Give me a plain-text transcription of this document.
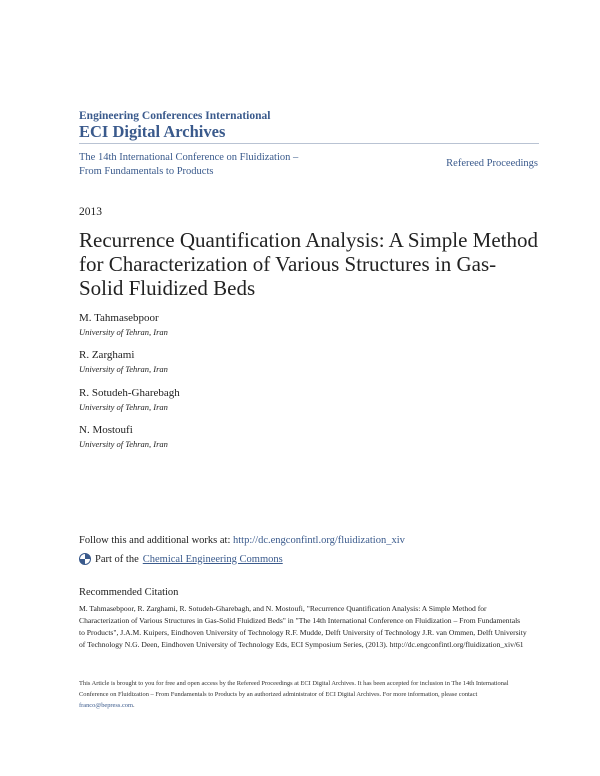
Engineering Conferences International
ECI Digital Archives
The 14th International Conference on Fluidization – From Fundamentals to Products
Refereed Proceedings
2013
Recurrence Quantification Analysis: A Simple Method for Characterization of Various Structures in Gas-Solid Fluidized Beds
M. Tahmasebpoor
University of Tehran, Iran
R. Zarghami
University of Tehran, Iran
R. Sotudeh-Gharebagh
University of Tehran, Iran
N. Mostoufi
University of Tehran, Iran
Follow this and additional works at: http://dc.engconfintl.org/fluidization_xiv
Part of the Chemical Engineering Commons
Recommended Citation
M. Tahmasebpoor, R. Zarghami, R. Sotudeh-Gharebagh, and N. Mostoufi, "Recurrence Quantification Analysis: A Simple Method for Characterization of Various Structures in Gas-Solid Fluidized Beds" in "The 14th International Conference on Fluidization – From Fundamentals to Products", J.A.M. Kuipers, Eindhoven University of Technology R.F. Mudde, Delft University of Technology J.R. van Ommen, Delft University of Technology N.G. Deen, Eindhoven University of Technology Eds, ECI Symposium Series, (2013). http://dc.engconfintl.org/fluidization_xiv/61
This Article is brought to you for free and open access by the Refereed Proceedings at ECI Digital Archives. It has been accepted for inclusion in The 14th International Conference on Fluidization – From Fundamentals to Products by an authorized administrator of ECI Digital Archives. For more information, please contact franco@bepress.com.
